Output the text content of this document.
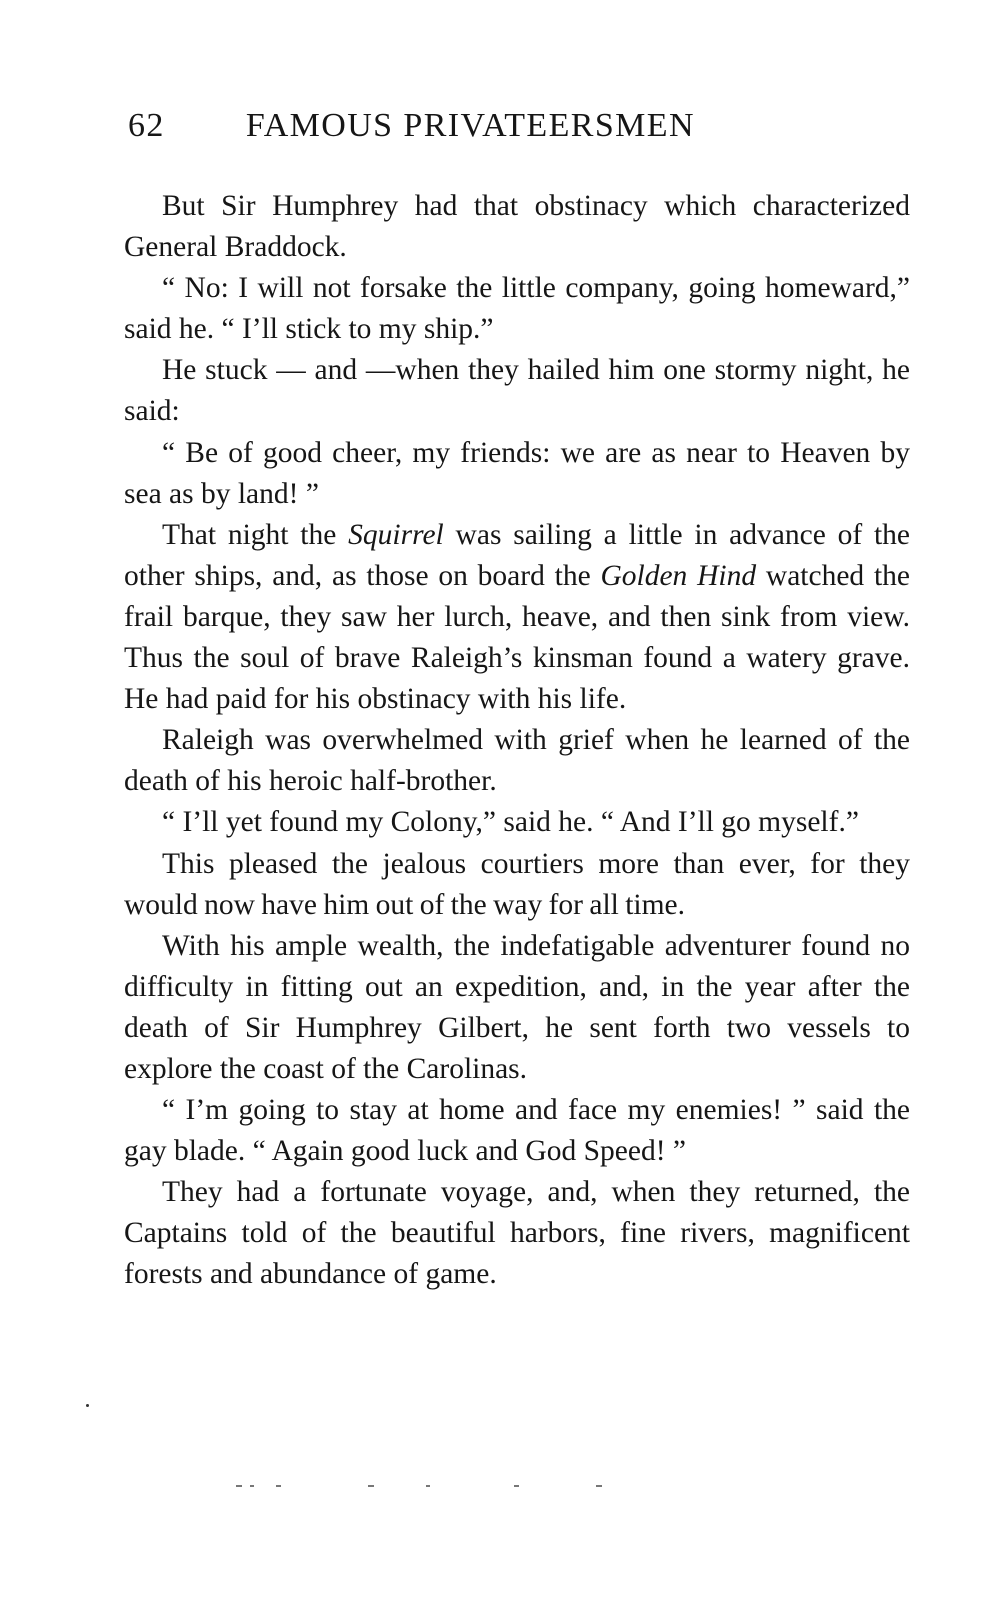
62 FAMOUS PRIVATEERSMEN

But Sir Humphrey had that obstinacy which characterized General Braddock.

“ No: I will not forsake the little company, going homeward,” said he. “ I’ll stick to my ship.”

He stuck — and —when they hailed him one stormy night, he said:

“ Be of good cheer, my friends: we are as near to Heaven by sea as by land! ”

That night the Squirrel was sailing a little in advance of the other ships, and, as those on board the Golden Hind watched the frail barque, they saw her lurch, heave, and then sink from view. Thus the soul of brave Raleigh’s kinsman found a watery grave. He had paid for his obstinacy with his life.

Raleigh was overwhelmed with grief when he learned of the death of his heroic half-brother.

“ I’ll yet found my Colony,” said he. “ And I’ll go myself.”

This pleased the jealous courtiers more than ever, for they would now have him out of the way for all time.

With his ample wealth, the indefatigable adventurer found no difficulty in fitting out an expedition, and, in the year after the death of Sir Humphrey Gilbert, he sent forth two vessels to explore the coast of the Carolinas.

“ I’m going to stay at home and face my enemies! ” said the gay blade. “ Again good luck and God Speed! ”

They had a fortunate voyage, and, when they returned, the Captains told of the beautiful harbors, fine rivers, magnificent forests and abundance of game.
